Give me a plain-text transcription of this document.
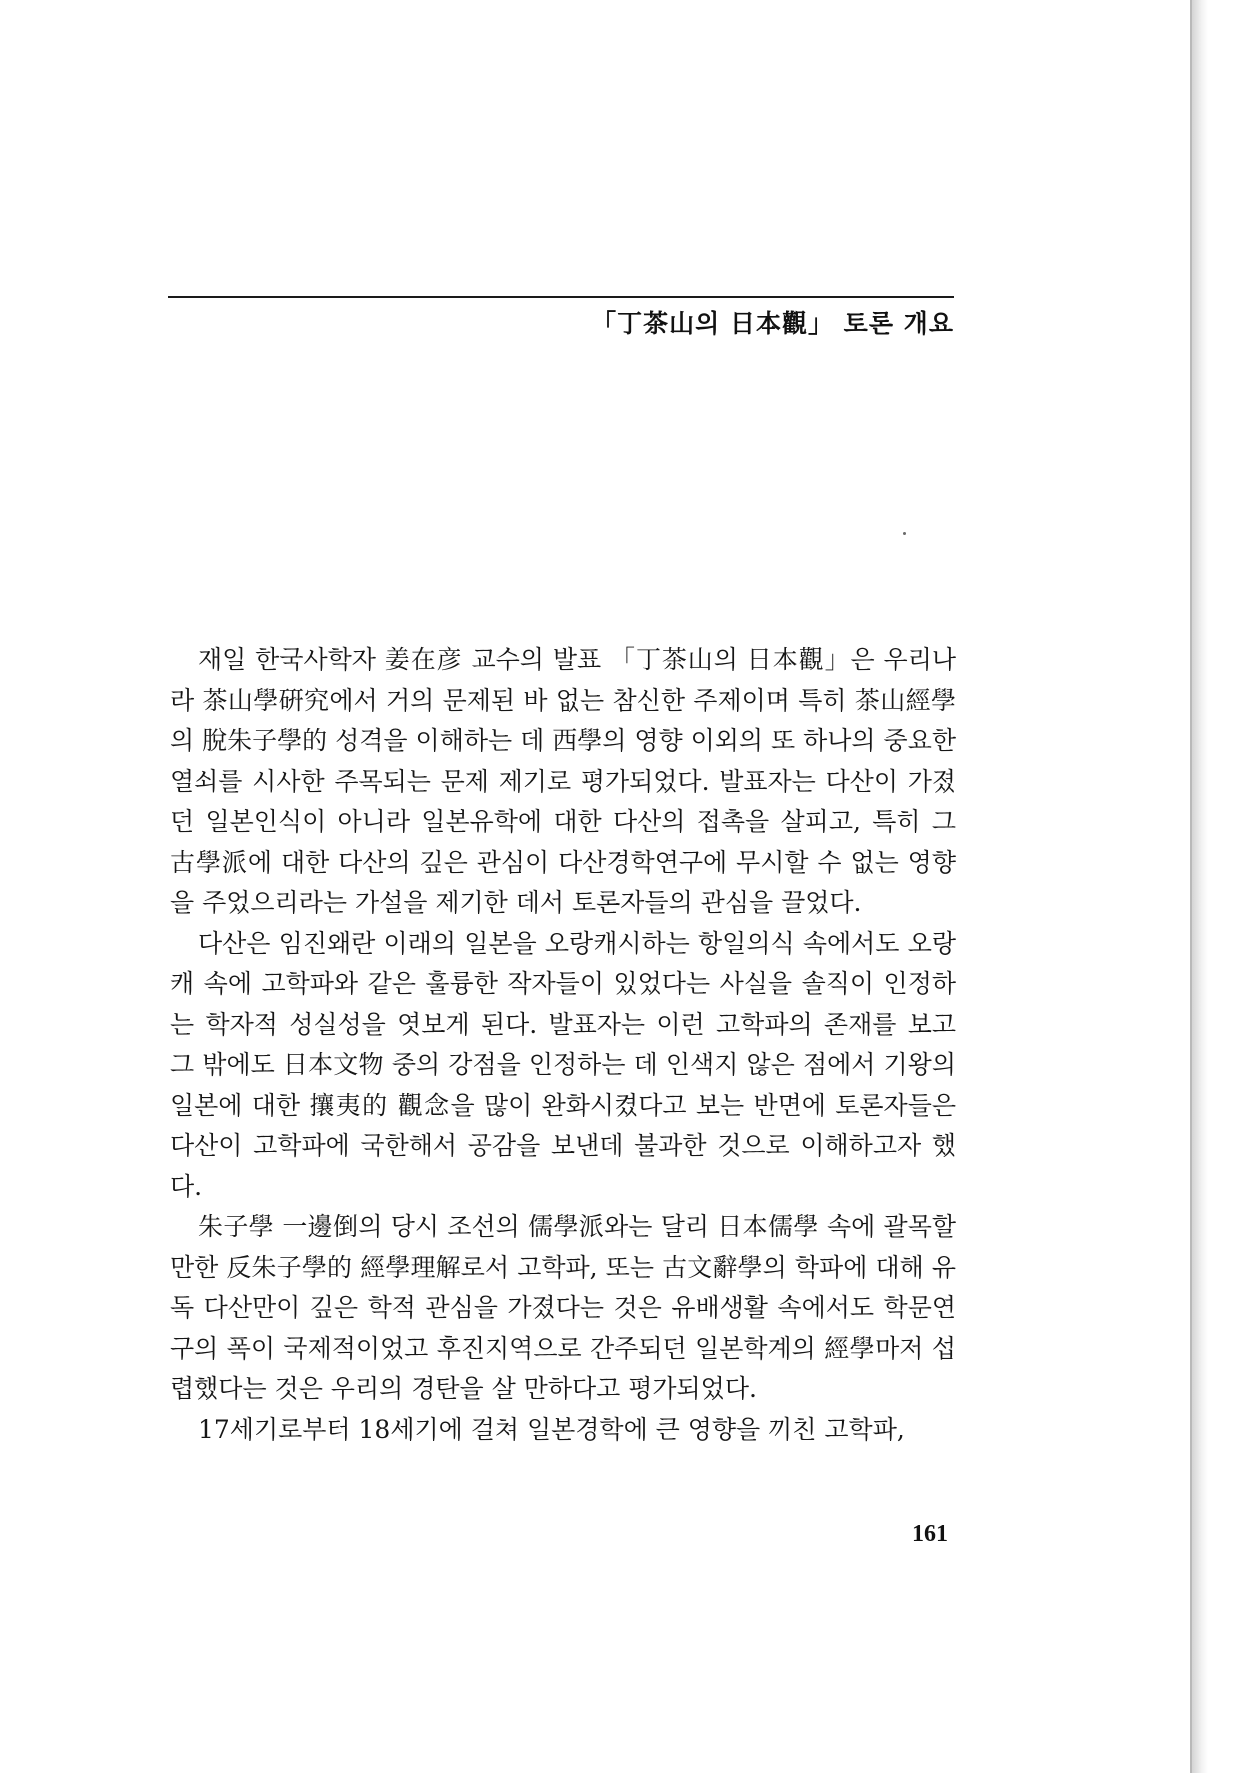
「丁茶山의 日本觀」 토론 개요

재일 한국사학자 姜在彦 교수의 발표 「丁茶山의 日本觀」은 우리나라 茶山學硏究에서 거의 문제된 바 없는 참신한 주제이며 특히 茶山經學의 脫朱子學的 성격을 이해하는 데 西學의 영향 이외의 또 하나의 중요한 열쇠를 시사한 주목되는 문제 제기로 평가되었다. 발표자는 다산이 가졌던 일본인식이 아니라 일본유학에 대한 다산의 접촉을 살피고, 특히 그 古學派에 대한 다산의 깊은 관심이 다산경학연구에 무시할 수 없는 영향을 주었으리라는 가설을 제기한 데서 토론자들의 관심을 끌었다.

다산은 임진왜란 이래의 일본을 오랑캐시하는 항일의식 속에서도 오랑캐 속에 고학파와 같은 훌륭한 작자들이 있었다는 사실을 솔직이 인정하는 학자적 성실성을 엿보게 된다. 발표자는 이런 고학파의 존재를 보고 그 밖에도 日本文物 중의 강점을 인정하는 데 인색지 않은 점에서 기왕의 일본에 대한 攘夷的 觀念을 많이 완화시켰다고 보는 반면에 토론자들은 다산이 고학파에 국한해서 공감을 보낸데 불과한 것으로 이해하고자 했다.

朱子學 一邊倒의 당시 조선의 儒學派와는 달리 日本儒學 속에 괄목할 만한 反朱子學的 經學理解로서 고학파, 또는 古文辭學의 학파에 대해 유독 다산만이 깊은 학적 관심을 가졌다는 것은 유배생활 속에서도 학문연구의 폭이 국제적이었고 후진지역으로 간주되던 일본학계의 經學마저 섭렵했다는 것은 우리의 경탄을 살 만하다고 평가되었다.

17세기로부터 18세기에 걸쳐 일본경학에 큰 영향을 끼친 고학파,

161
